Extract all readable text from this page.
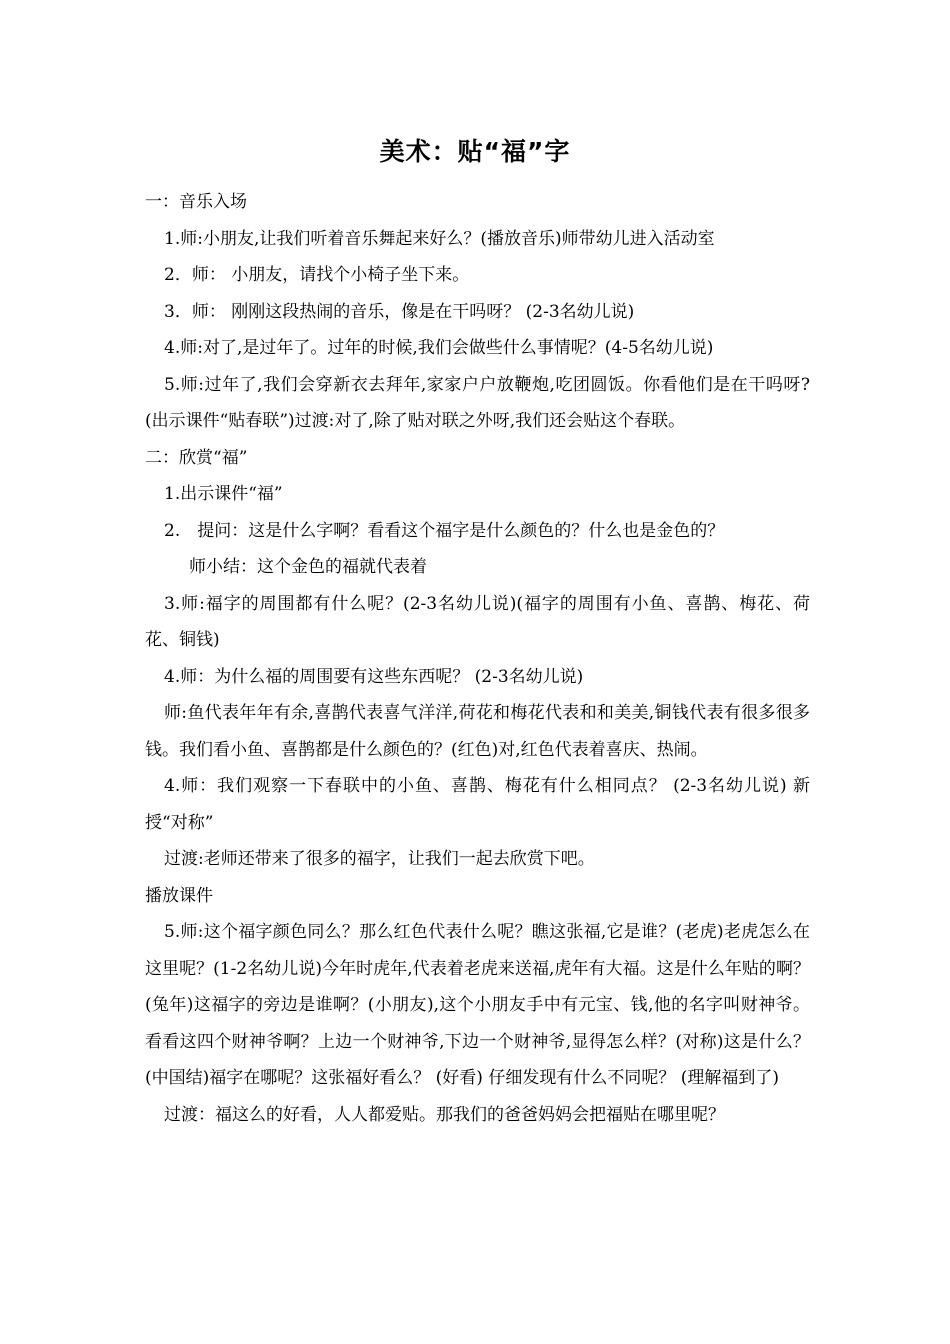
美术：贴“福”字

一：音乐入场

1.师:小朋友,让我们听着音乐舞起来好么？(播放音乐)师带幼儿进入活动室

2．师： 小朋友，请找个小椅子坐下来。

3．师： 刚刚这段热闹的音乐，像是在干吗呀？ (2-3名幼儿说)

4.师:对了,是过年了。过年的时候,我们会做些什么事情呢？(4-5名幼儿说)

5.师:过年了,我们会穿新衣去拜年,家家户户放鞭炮,吃团圆饭。你看他们是在干吗呀?(出示课件“贴春联”)过渡:对了,除了贴对联之外呀,我们还会贴这个春联。

二：欣赏“福”

1.出示课件“福”

2.　提问：这是什么字啊？看看这个福字是什么颜色的？什么也是金色的？

师小结：这个金色的福就代表着

3.师:福字的周围都有什么呢？(2-3名幼儿说)(福字的周围有小鱼、喜鹊、梅花、荷花、铜钱)

4.师：为什么福的周围要有这些东西呢？ (2-3名幼儿说)

师:鱼代表年年有余,喜鹊代表喜气洋洋,荷花和梅花代表和和美美,铜钱代表有很多很多钱。我们看小鱼、喜鹊都是什么颜色的？(红色)对,红色代表着喜庆、热闹。

4.师：我们观察一下春联中的小鱼、喜鹊、梅花有什么相同点？ (2-3名幼儿说) 新授“对称”

过渡:老师还带来了很多的福字，让我们一起去欣赏下吧。

播放课件

5.师:这个福字颜色同么？那么红色代表什么呢？瞧这张福,它是谁？(老虎)老虎怎么在这里呢？(1-2名幼儿说)今年时虎年,代表着老虎来送福,虎年有大福。这是什么年贴的啊？(兔年)这福字的旁边是谁啊？(小朋友),这个小朋友手中有元宝、钱,他的名字叫财神爷。看看这四个财神爷啊？上边一个财神爷,下边一个财神爷,显得怎么样？(对称)这是什么？(中国结)福字在哪呢？这张福好看么？ (好看) 仔细发现有什么不同呢？ (理解福到了)

过渡：福这么的好看，人人都爱贴。那我们的爸爸妈妈会把福贴在哪里呢？
